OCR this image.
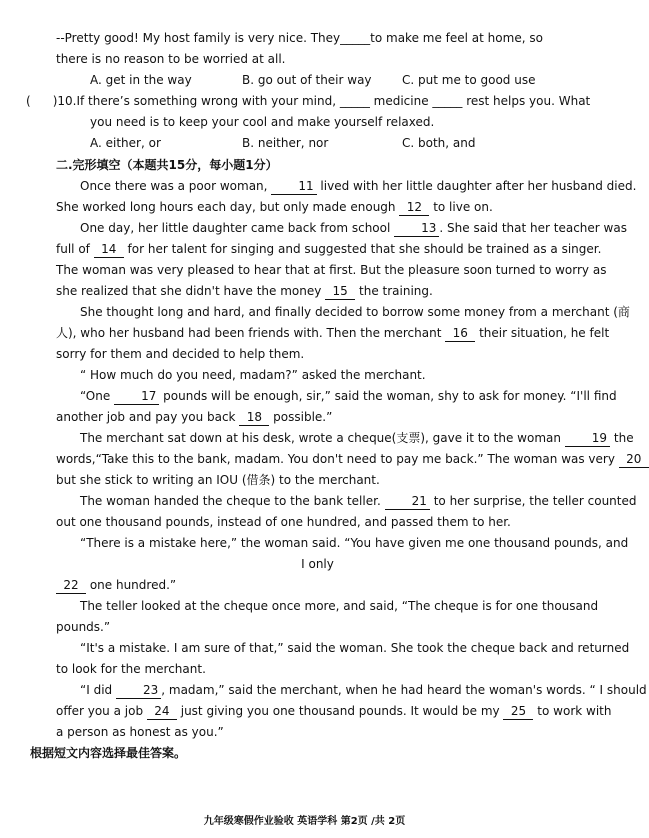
--Pretty good! My host family is very nice. They_____to make me feel at home, so

there is no reason to be worried at all.

A. get in the way	B. go out of their way	C. put me to good use

( )10.If there’s something wrong with your mind, _____ medicine _____ rest helps you. What

you need is to keep your cool and make yourself relaxed.

A. either, or	B. neither, nor	C. both, and

二.完形填空（本题共15分，每小题1分）

Once there was a poor woman,	11 lived with her little daughter after her husband died.

She worked long hours each day, but only made enough 12 to live on.

One day, her little daughter came back from school	13 . She said that her teacher was

full of 14 for her talent for singing and suggested that she should be trained as a singer.

The woman was very pleased to hear that at first. But the pleasure soon turned to worry as

she realized that she didn't have the money 15 the training.

She thought long and hard, and finally decided to borrow some money from a merchant (商

人), who her husband had been friends with. Then the merchant 16 their situation, he felt

sorry for them and decided to help them.

“ How much do you need, madam?” asked the merchant.

“One	17 pounds will be enough, sir,” said the woman, shy to ask for money. “I'll find

another job and pay you back 18 possible.”

The merchant sat down at his desk, wrote a cheque(支票), gave it to the woman	19 the

words,“Take this to the bank, madam. You don't need to pay me back.” The woman was very 20

but she stick to writing an IOU (借条) to the merchant.

The woman handed the cheque to the bank teller.	21 to her surprise, the teller counted

out one thousand pounds, instead of one hundred, and passed them to her.

“There is a mistake here,” the woman said. “You have given me one thousand pounds, and

I only

22 one hundred.”

The teller looked at the cheque once more, and said, “The cheque is for one thousand

pounds.”

“It's a mistake. I am sure of that,” said the woman. She took the cheque back and returned

to look for the merchant.

“I did	23 , madam,” said the merchant, when he had heard the woman's words. “ I should

offer you a job 24 just giving you one thousand pounds. It would be my 25 to work with

a person as honest as you.”

根据短文内容选择最佳答案。

九年级寒假作业验收 英语学科 第2页 /共 2页
